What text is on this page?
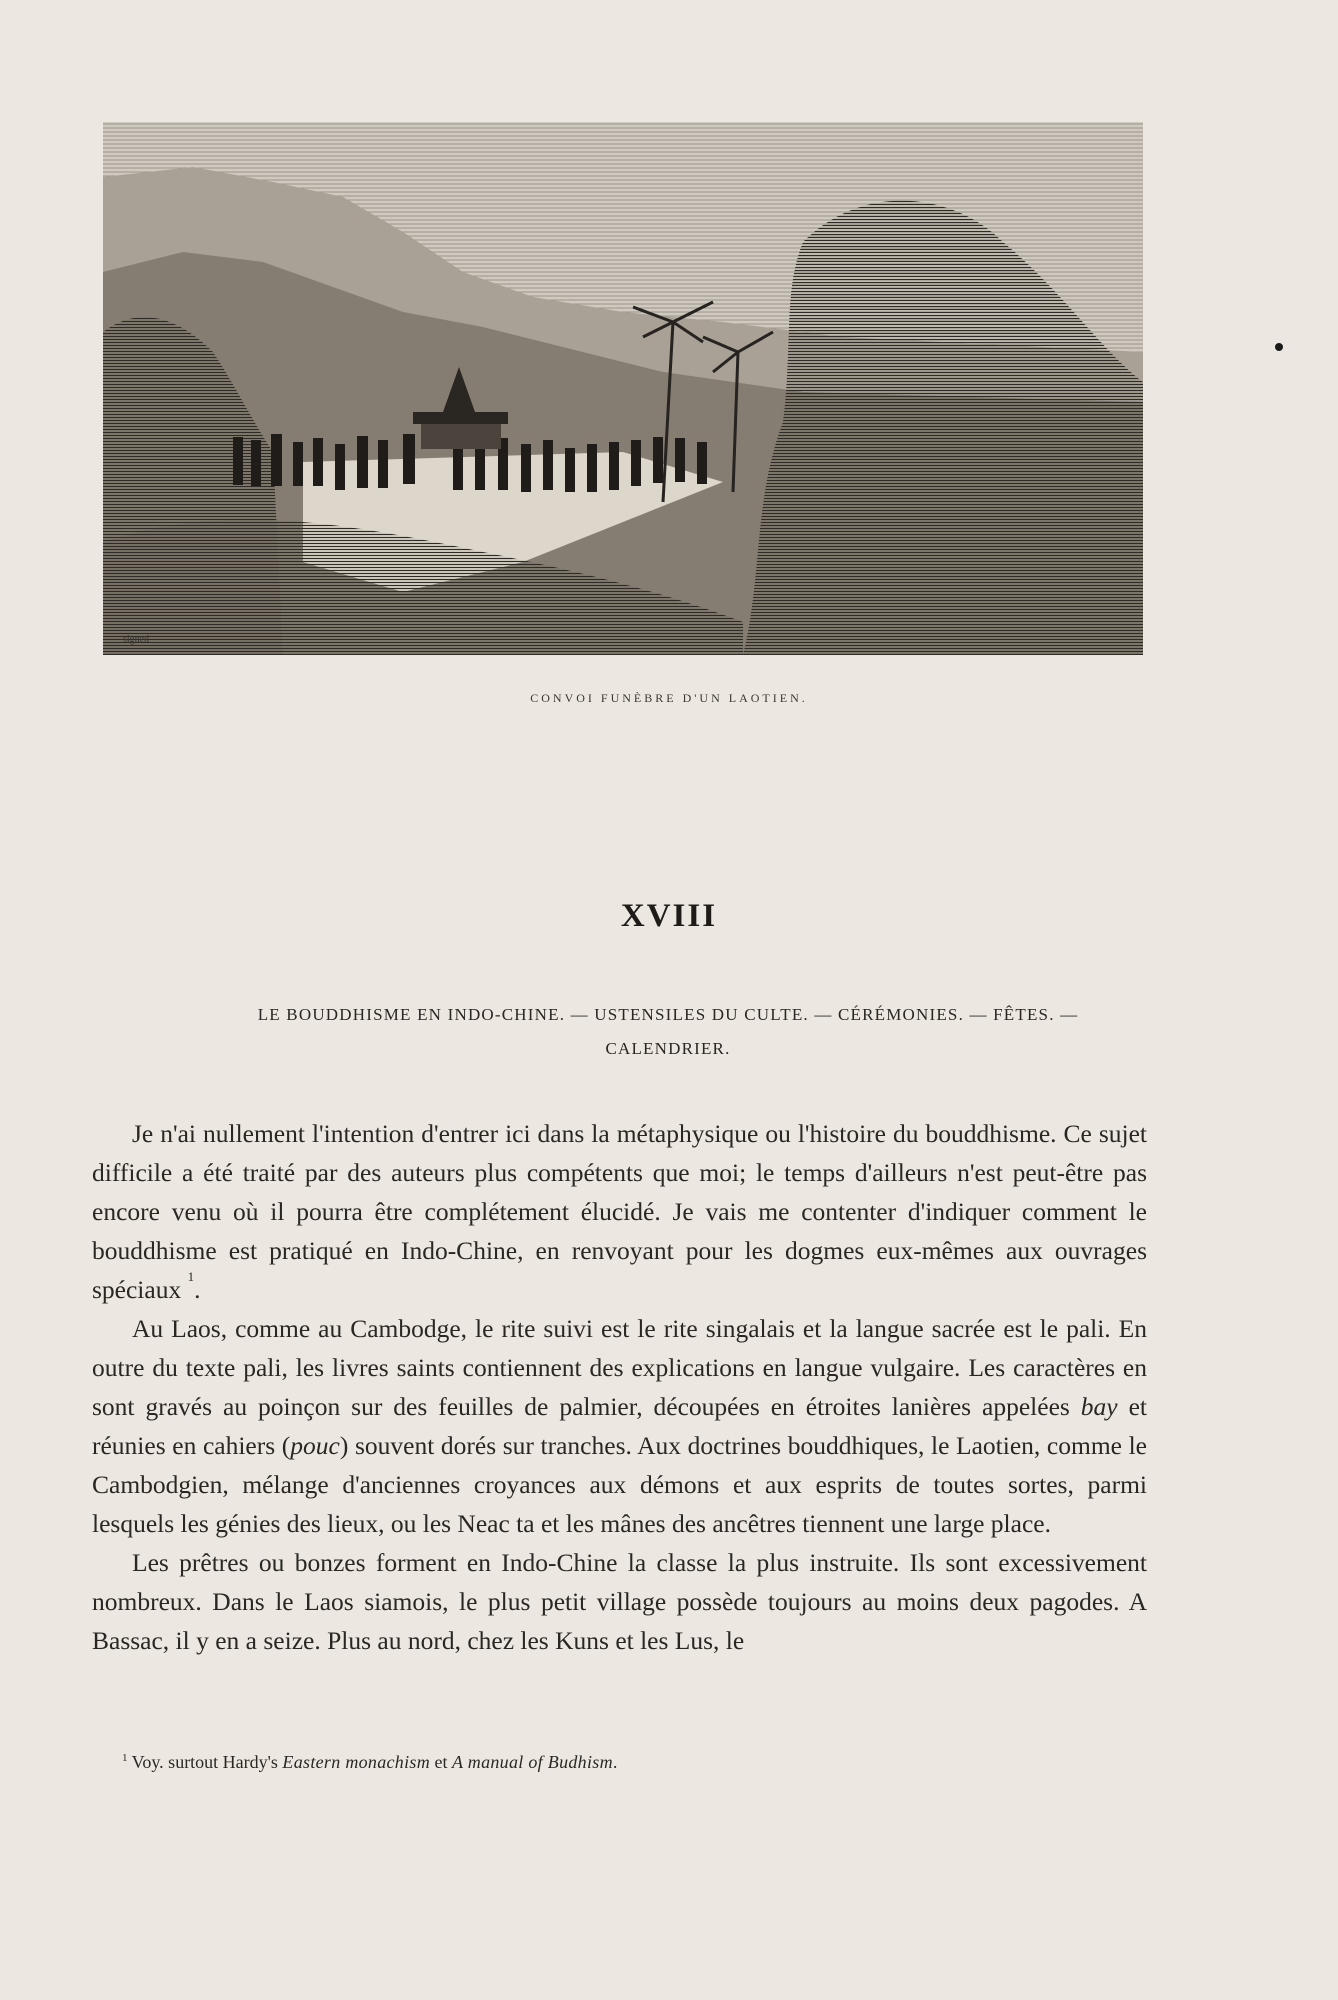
signed
CONVOI FUNÈBRE D'UN LAOTIEN.
XVIII
LE BOUDDHISME EN INDO-CHINE. — USTENSILES DU CULTE. — CÉRÉMONIES. — FÊTES. —
CALENDRIER.

Je n'ai nullement l'intention d'entrer ici dans la métaphysique ou l'histoire du bouddhisme. Ce sujet difficile a été traité par des auteurs plus compétents que moi; le temps d'ailleurs n'est peut-être pas encore venu où il pourra être complétement élucidé. Je vais me contenter d'indiquer comment le bouddhisme est pratiqué en Indo-Chine, en renvoyant pour les dogmes eux-mêmes aux ouvrages spéciaux $^1$.

Au Laos, comme au Cambodge, le rite suivi est le rite singalais et la langue sacrée est le pali. En outre du texte pali, les livres saints contiennent des explications en langue vulgaire. Les caractères en sont gravés au poinçon sur des feuilles de palmier, découpées en étroites lanières appelées bay et réunies en cahiers (pouc) souvent dorés sur tranches. Aux doctrines bouddhiques, le Laotien, comme le Cambodgien, mélange d'anciennes croyances aux démons et aux esprits de toutes sortes, parmi lesquels les génies des lieux, ou les Neac ta et les mânes des ancêtres tiennent une large place.

Les prêtres ou bonzes forment en Indo-Chine la classe la plus instruite. Ils sont excessivement nombreux. Dans le Laos siamois, le plus petit village possède toujours au moins deux pagodes. A Bassac, il y en a seize. Plus au nord, chez les Kuns et les Lus, le

$^1$ Voy. surtout Hardy's Eastern monachism et A manual of Budhism.
